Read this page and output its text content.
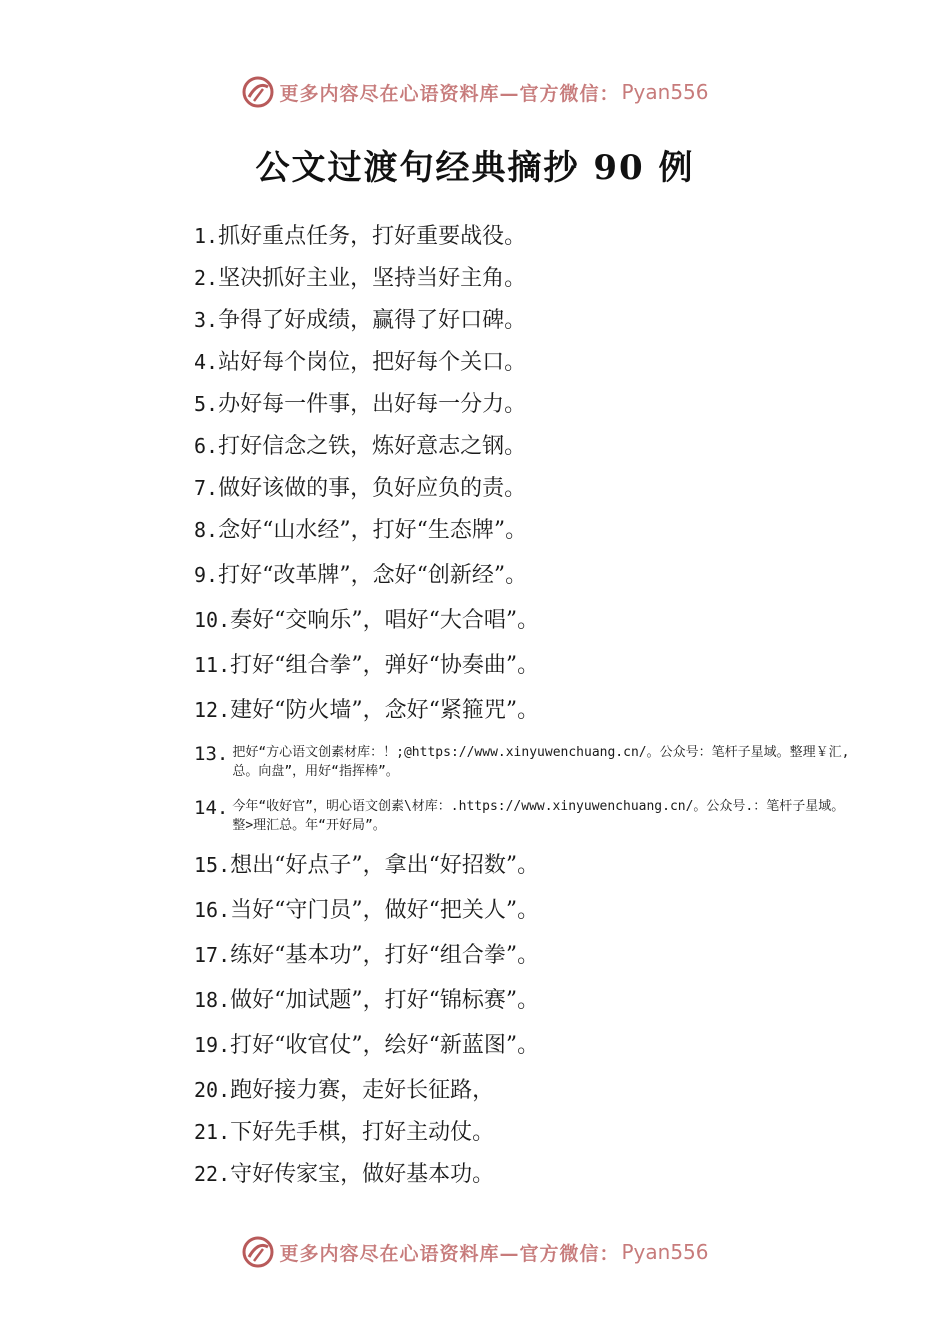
更多内容尽在心语资料库—官方微信： Pyan556
公文过渡句经典摘抄 90 例
1. 抓好重点任务，打好重要战役。
2. 坚决抓好主业，坚持当好主角。
3. 争得了好成绩，赢得了好口碑。
4. 站好每个岗位，把好每个关口。
5. 办好每一件事，出好每一分力。
6. 打好信念之铁，炼好意志之钢。
7. 做好该做的事，负好应负的责。
8. 念好“山水经”，打好“生态牌”。
9. 打好“改革牌”，念好“创新经”。
10. 奏好“交响乐”，唱好“大合唱”。
11. 打好“组合拳”，弹好“协奏曲”。
12. 建好“防火墙”，念好“紧箍咒”。
13. 把好“方心语文创素材库：！;@https://www.xinyuwenchuang.cn/。公众号：笔杆子星域。整理￥汇,总。向盘”，用好“指挥棒”。
14. 今年“收好官”，明心语文创素\材库：.https://www.xinyuwenchuang.cn/。公众号.：笔杆子星域。整>理汇总。年“开好局”。
15. 想出“好点子”，拿出“好招数”。
16. 当好“守门员”，做好“把关人”。
17. 练好“基本功”，打好“组合拳”。
18. 做好“加试题”，打好“锦标赛”。
19. 打好“收官仗”，绘好“新蓝图”。
20. 跑好接力赛，走好长征路，
21. 下好先手棋，打好主动仗。
22. 守好传家宝，做好基本功。
更多内容尽在心语资料库—官方微信： Pyan556
